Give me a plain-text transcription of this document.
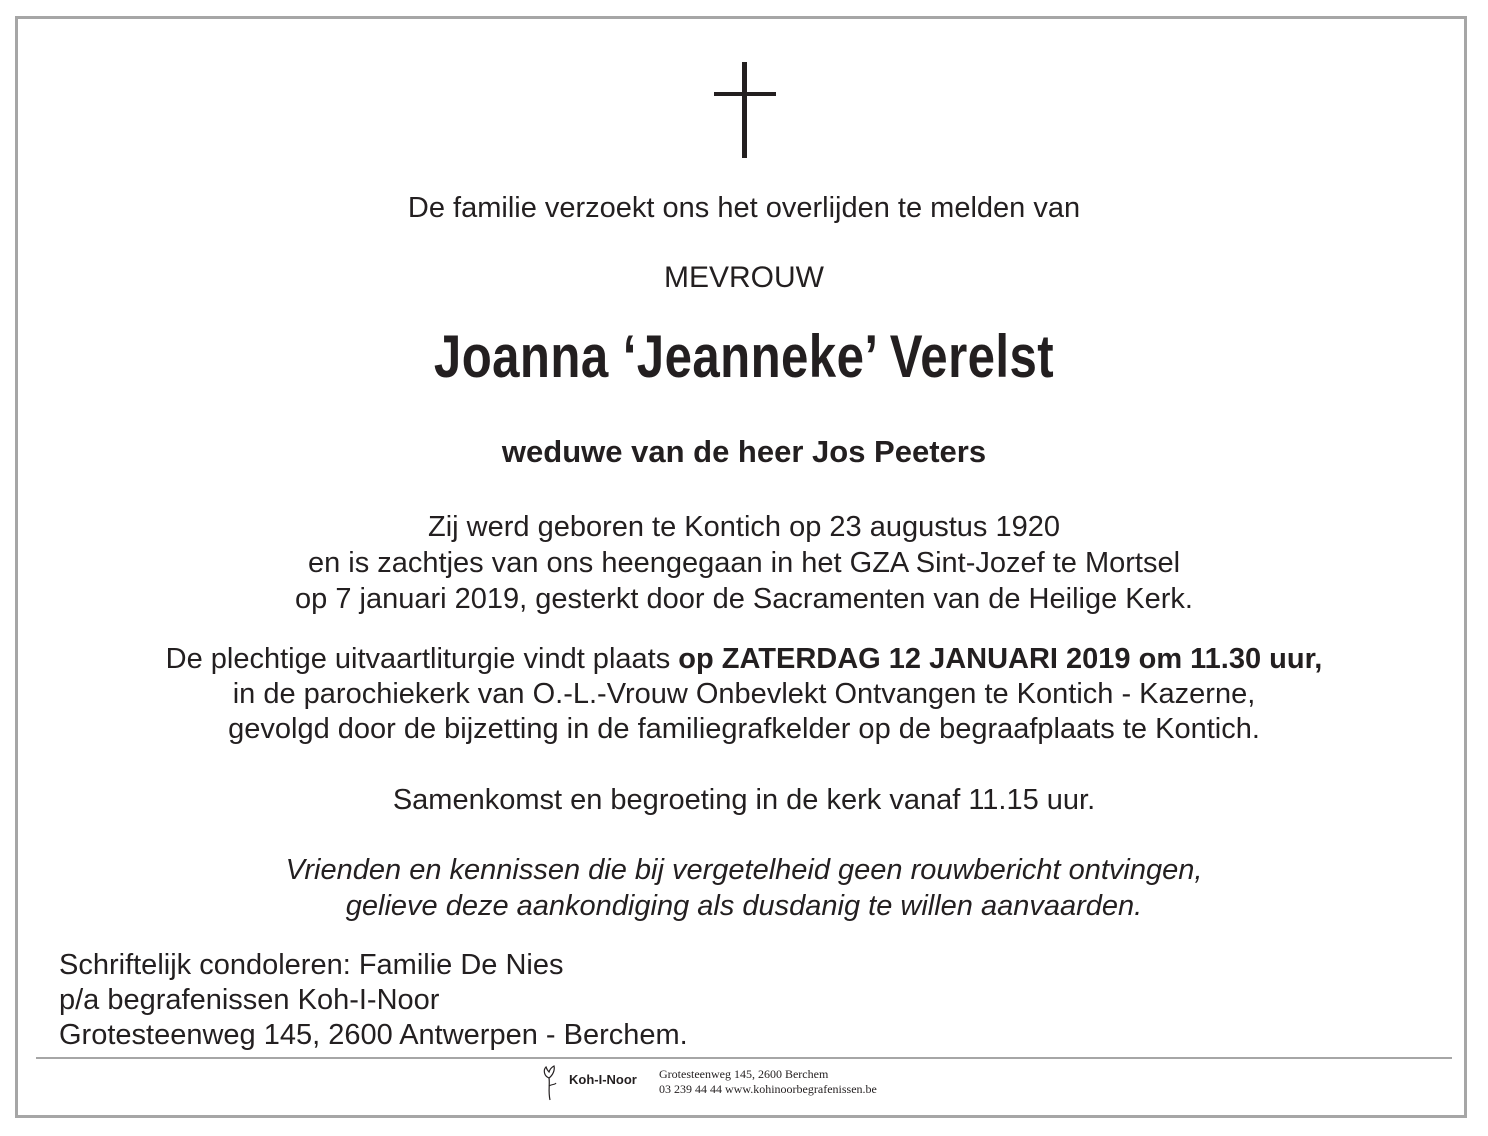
De familie verzoekt ons het overlijden te melden van
MEVROUW
Joanna ‘Jeanneke’ Verelst
weduwe van de heer Jos Peeters
Zij werd geboren te Kontich op 23 augustus 1920
en is zachtjes van ons heengegaan in het GZA Sint-Jozef te Mortsel
op 7 januari 2019, gesterkt door de Sacramenten van de Heilige Kerk.
De plechtige uitvaartliturgie vindt plaats op ZATERDAG 12 JANUARI 2019 om 11.30 uur,
in de parochiekerk van O.-L.-Vrouw Onbevlekt Ontvangen te Kontich - Kazerne,
gevolgd door de bijzetting in de familiegrafkelder op de begraafplaats te Kontich.
Samenkomst en begroeting in de kerk vanaf 11.15 uur.
Vrienden en kennissen die bij vergetelheid geen rouwbericht ontvingen,
gelieve deze aankondiging als dusdanig te willen aanvaarden.
Schriftelijk condoleren: Familie De Nies
p/a begrafenissen Koh-I-Noor
Grotesteenweg 145, 2600 Antwerpen - Berchem.
Koh-I-Noor Grotesteenweg 145, 2600 Berchem
03 239 44 44 www.kohinoorbegrafenissen.be
